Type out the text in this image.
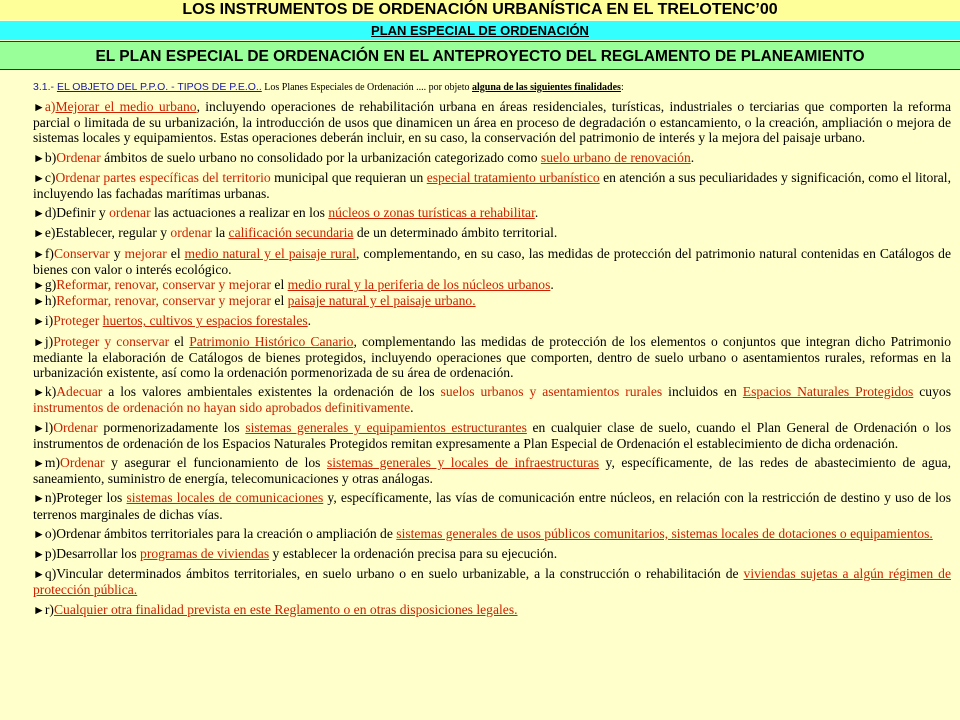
LOS INSTRUMENTOS DE ORDENACIÓN URBANÍSTICA EN EL TRELOTENC’00
PLAN ESPECIAL DE ORDENACIÓN
EL PLAN ESPECIAL DE ORDENACIÓN EN EL ANTEPROYECTO DEL REGLAMENTO DE PLANEAMIENTO
3.1.- EL OBJETO DEL P.P.O. - TIPOS DE P.E.O.. Los Planes Especiales de Ordenación .... por objeto alguna de las siguientes finalidades:
►a)Mejorar el medio urbano, incluyendo operaciones de rehabilitación urbana en áreas residenciales, turísticas, industriales o terciarias que comporten la reforma parcial o limitada de su urbanización, la introducción de usos que dinamicen un área en proceso de degradación o estancamiento, o la creación, ampliación o mejora de sistemas locales y equipamientos. Estas operaciones deberán incluir, en su caso, la conservación del patrimonio de interés y la mejora del paisaje urbano.
►b)Ordenar ámbitos de suelo urbano no consolidado por la urbanización categorizado como suelo urbano de renovación.
►c)Ordenar partes específicas del territorio municipal que requieran un especial tratamiento urbanístico en atención a sus peculiaridades y significación, como el litoral, incluyendo las fachadas marítimas urbanas.
►d)Definir y ordenar las actuaciones a realizar en los núcleos o zonas turísticas a rehabilitar.
►e)Establecer, regular y ordenar la calificación secundaria de un determinado ámbito territorial.
►f)Conservar y mejorar el medio natural y el paisaje rural, complementando, en su caso, las medidas de protección del patrimonio natural contenidas en Catálogos de bienes con valor o interés ecológico.
►g)Reformar, renovar, conservar y mejorar el medio rural y la periferia de los núcleos urbanos.
►h)Reformar, renovar, conservar y mejorar el paisaje natural y el paisaje urbano.
►i)Proteger huertos, cultivos y espacios forestales.
►j)Proteger y conservar el Patrimonio Histórico Canario, complementando las medidas de protección de los elementos o conjuntos que integran dicho Patrimonio mediante la elaboración de Catálogos de bienes protegidos, incluyendo operaciones que comporten, dentro de suelo urbano o asentamientos rurales, reformas en la urbanización existente, así como la ordenación pormenorizada de su área de ordenación.
►k)Adecuar a los valores ambientales existentes la ordenación de los suelos urbanos y asentamientos rurales incluidos en Espacios Naturales Protegidos cuyos instrumentos de ordenación no hayan sido aprobados definitivamente.
►l)Ordenar pormenorizadamente los sistemas generales y equipamientos estructurantes en cualquier clase de suelo, cuando el Plan General de Ordenación o los instrumentos de ordenación de los Espacios Naturales Protegidos remitan expresamente a Plan Especial de Ordenación el establecimiento de dicha ordenación.
►m)Ordenar y asegurar el funcionamiento de los sistemas generales y locales de infraestructuras y, específicamente, de las redes de abastecimiento de agua, saneamiento, suministro de energía, telecomunicaciones y otras análogas.
►n)Proteger los sistemas locales de comunicaciones y, específicamente, las vías de comunicación entre núcleos, en relación con la restricción de destino y uso de los terrenos marginales de dichas vías.
►o)Ordenar ámbitos territoriales para la creación o ampliación de sistemas generales de usos públicos comunitarios, sistemas locales de dotaciones o equipamientos.
►p)Desarrollar los programas de viviendas y establecer la ordenación precisa para su ejecución.
►q)Vincular determinados ámbitos territoriales, en suelo urbano o en suelo urbanizable, a la construcción o rehabilitación de viviendas sujetas a algún régimen de protección pública.
►r)Cualquier otra finalidad prevista en este Reglamento o en otras disposiciones legales.
